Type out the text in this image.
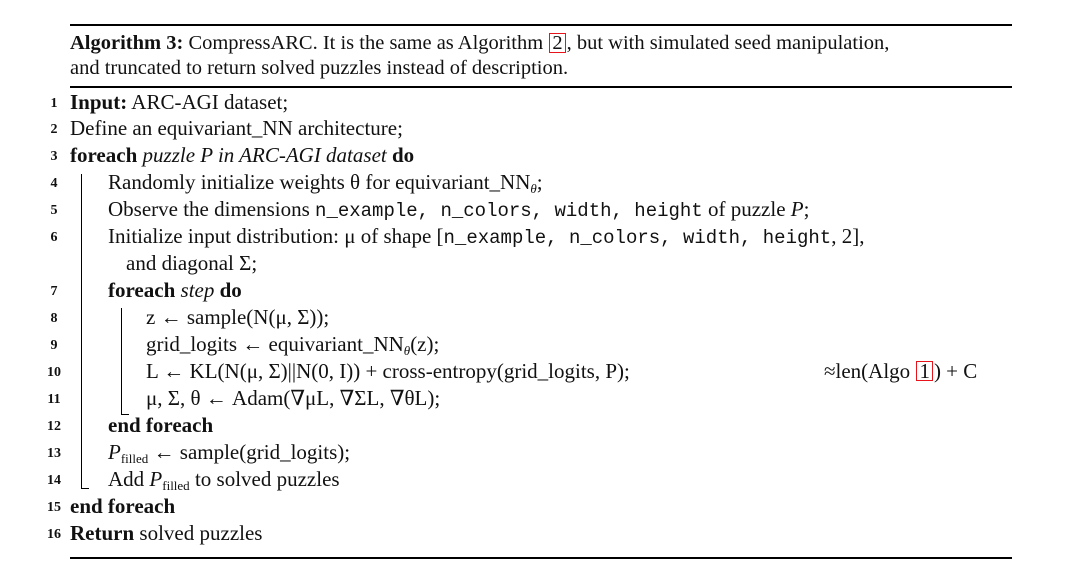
Algorithm 3: CompressARC. It is the same as Algorithm 2 , but with simulated seed manipulation,
and truncated to return solved puzzles instead of description.
1 Input: ARC-AGI dataset;
2 Define an equivariant_NN architecture;
3 foreach puzzle P in ARC-AGI dataset do
4 Randomly initialize weights θ for $equivariant\_NN_\theta$;
5 Observe the dimensions n_example, n_colors, width, height of puzzle P;
6 Initialize input distribution: μ of shape [n_example, n_colors, width, height, 2],
and diagonal Σ;
7 foreach step do
8	z ← sample(N(μ, Σ));
9	grid_logits ← $equivariant\_NN_\theta(z)$;
10	L ← KL(N(μ, Σ)||N(0, I)) + cross-entropy(grid_logits, P);	≈len(Algo 1 ) + C
11	μ, Σ, θ ← Adam(∇μL, ∇ΣL, ∇θL);
12 end foreach
13 $P_{filled}$ ← sample(grid_logits);
14 Add $P_{filled}$ to solved puzzles
15 end foreach
16 Return solved puzzles
